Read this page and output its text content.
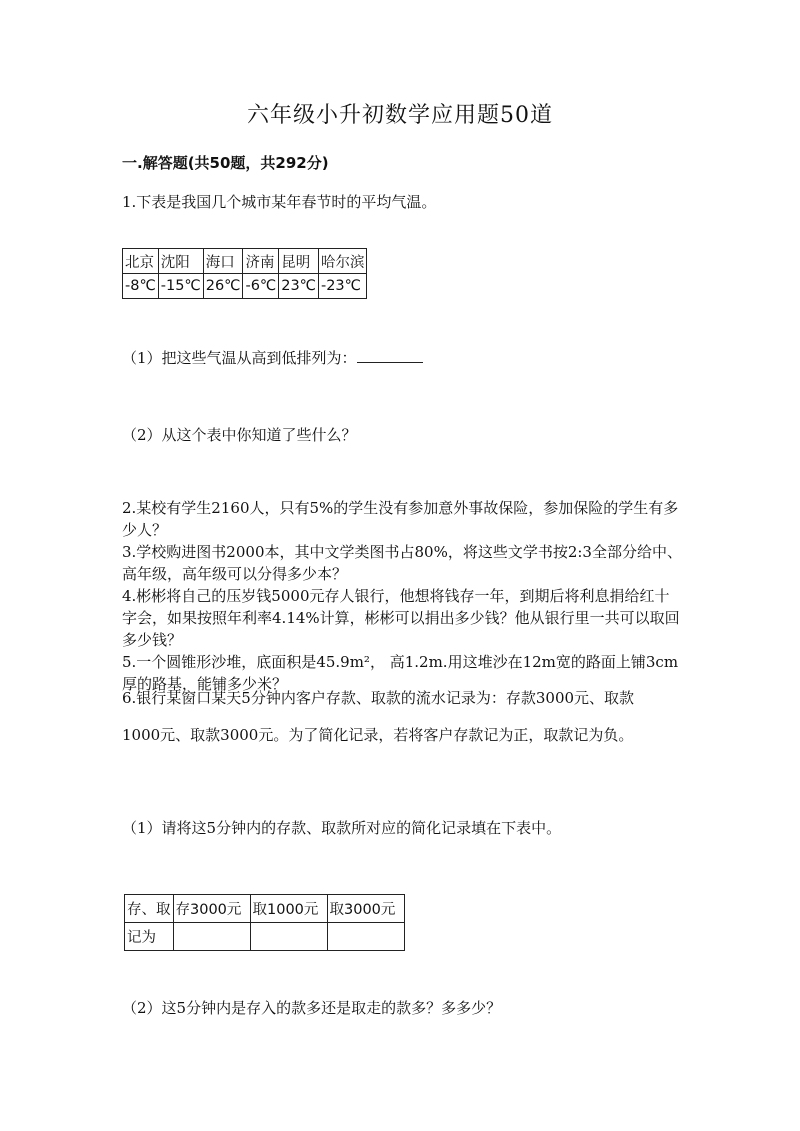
六年级小升初数学应用题50道
一.解答题(共50题，共292分)
1.下表是我国几个城市某年春节时的平均气温。
北京	沈阳	海口	济南	昆明	哈尔滨
-8℃	-15℃	26℃	-6℃	23℃	-23℃
（1）把这些气温从高到低排列为：
（2）从这个表中你知道了些什么？

2.某校有学生2160人，只有5%的学生没有参加意外事故保险，参加保险的学生有多少人？

3.学校购进图书2000本，其中文学类图书占80%，将这些文学书按2:3全部分给中、高年级，高年级可以分得多少本？

4.彬彬将自己的压岁钱5000元存人银行，他想将钱存一年，到期后将利息捐给红十字会，如果按照年利率4.14%计算，彬彬可以捐出多少钱？他从银行里一共可以取回多少钱？

5.一个圆锥形沙堆，底面积是45.9m²， 高1.2m.用这堆沙在12m宽的路面上铺3cm厚的路基，能铺多少米？

6.银行某窗口某天5分钟内客户存款、取款的流水记录为：存款3000元、取款
1000元、取款3000元。为了简化记录，若将客户存款记为正，取款记为负。
（1）请将这5分钟内的存款、取款所对应的简化记录填在下表中。
存、取	存3000元	取1000元	取3000元
记为			
（2）这5分钟内是存入的款多还是取走的款多？多多少？
